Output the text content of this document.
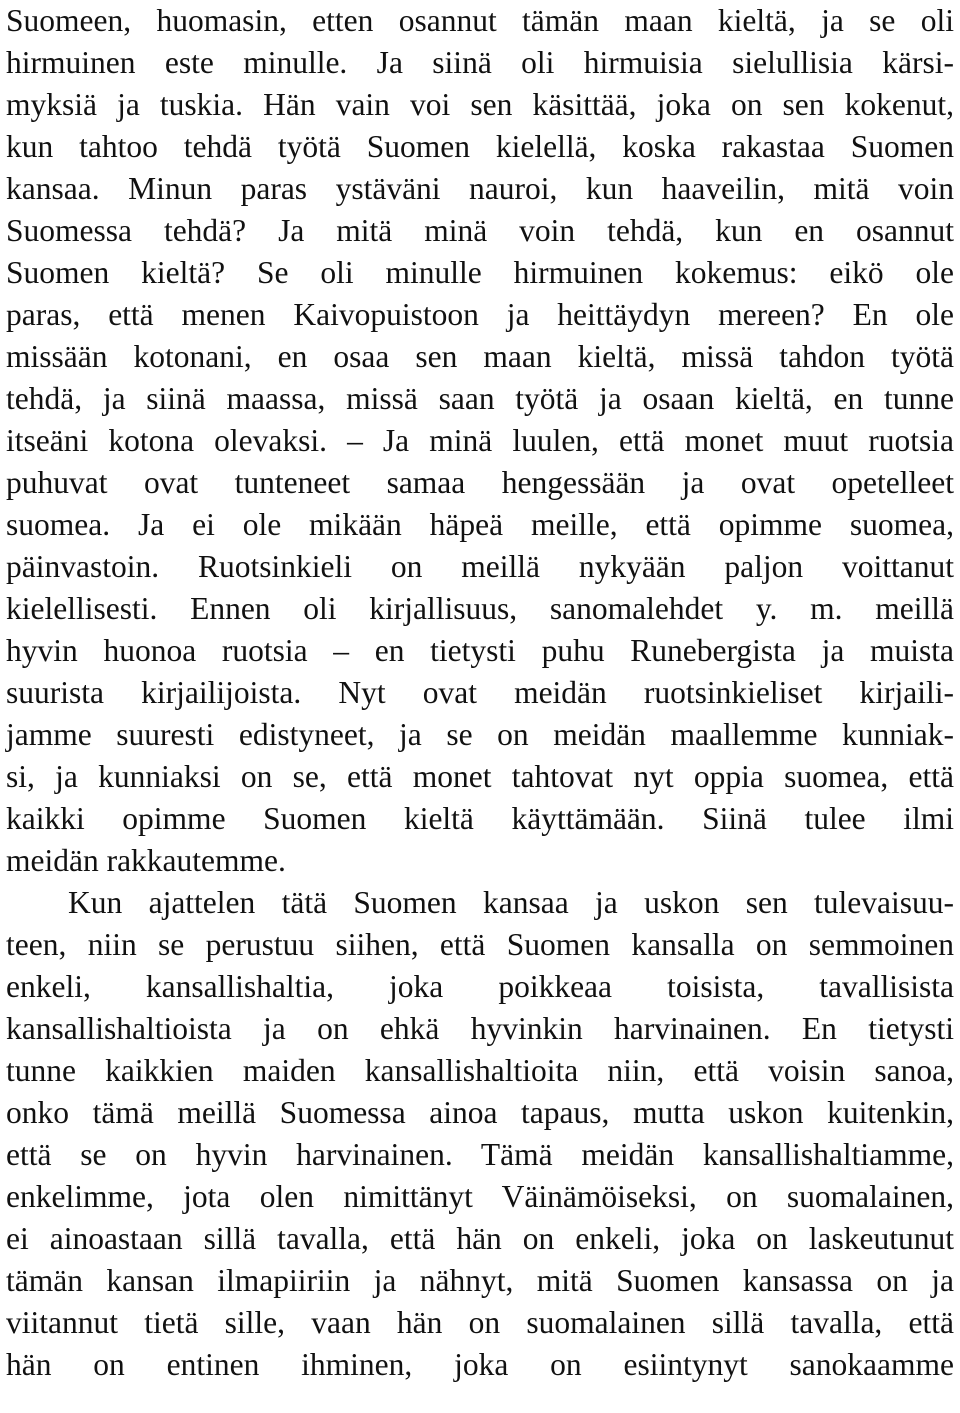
Suomeen, huomasin, etten osannut tämän maan kieltä, ja se oli
hirmuinen este minulle. Ja siinä oli hirmuisia sielullisia kärsi-
myksiä ja tuskia. Hän vain voi sen käsittää, joka on sen kokenut,
kun tahtoo tehdä työtä Suomen kielellä, koska rakastaa Suomen
kansaa. Minun paras ystäväni nauroi, kun haaveilin, mitä voin
Suomessa tehdä? Ja mitä minä voin tehdä, kun en osannut
Suomen kieltä? Se oli minulle hirmuinen kokemus: eikö ole
paras, että menen Kaivopuistoon ja heittäydyn mereen? En ole
missään kotonani, en osaa sen maan kieltä, missä tahdon työtä
tehdä, ja siinä maassa, missä saan työtä ja osaan kieltä, en tunne
itseäni kotona olevaksi. – Ja minä luulen, että monet muut ruotsia
puhuvat ovat tunteneet samaa hengessään ja ovat opetelleet
suomea. Ja ei ole mikään häpeä meille, että opimme suomea,
päinvastoin. Ruotsinkieli on meillä nykyään paljon voittanut
kielellisesti. Ennen oli kirjallisuus, sanomalehdet y. m. meillä
hyvin huonoa ruotsia – en tietysti puhu Runebergista ja muista
suurista kirjailijoista. Nyt ovat meidän ruotsinkieliset kirjaili-
jamme suuresti edistyneet, ja se on meidän maallemme kunniak-
si, ja kunniaksi on se, että monet tahtovat nyt oppia suomea, että
kaikki opimme Suomen kieltä käyttämään. Siinä tulee ilmi
meidän rakkautemme.
Kun ajattelen tätä Suomen kansaa ja uskon sen tulevaisuu-
teen, niin se perustuu siihen, että Suomen kansalla on semmoinen
enkeli, kansallishaltia, joka poikkeaa toisista, tavallisista
kansallishaltioista ja on ehkä hyvinkin harvinainen. En tietysti
tunne kaikkien maiden kansallishaltioita niin, että voisin sanoa,
onko tämä meillä Suomessa ainoa tapaus, mutta uskon kuitenkin,
että se on hyvin harvinainen. Tämä meidän kansallishaltiamme,
enkelimme, jota olen nimittänyt Väinämöiseksi, on suomalainen,
ei ainoastaan sillä tavalla, että hän on enkeli, joka on laskeutunut
tämän kansan ilmapiiriin ja nähnyt, mitä Suomen kansassa on ja
viitannut tietä sille, vaan hän on suomalainen sillä tavalla, että
hän on entinen ihminen, joka on esiintynyt sanokaamme
